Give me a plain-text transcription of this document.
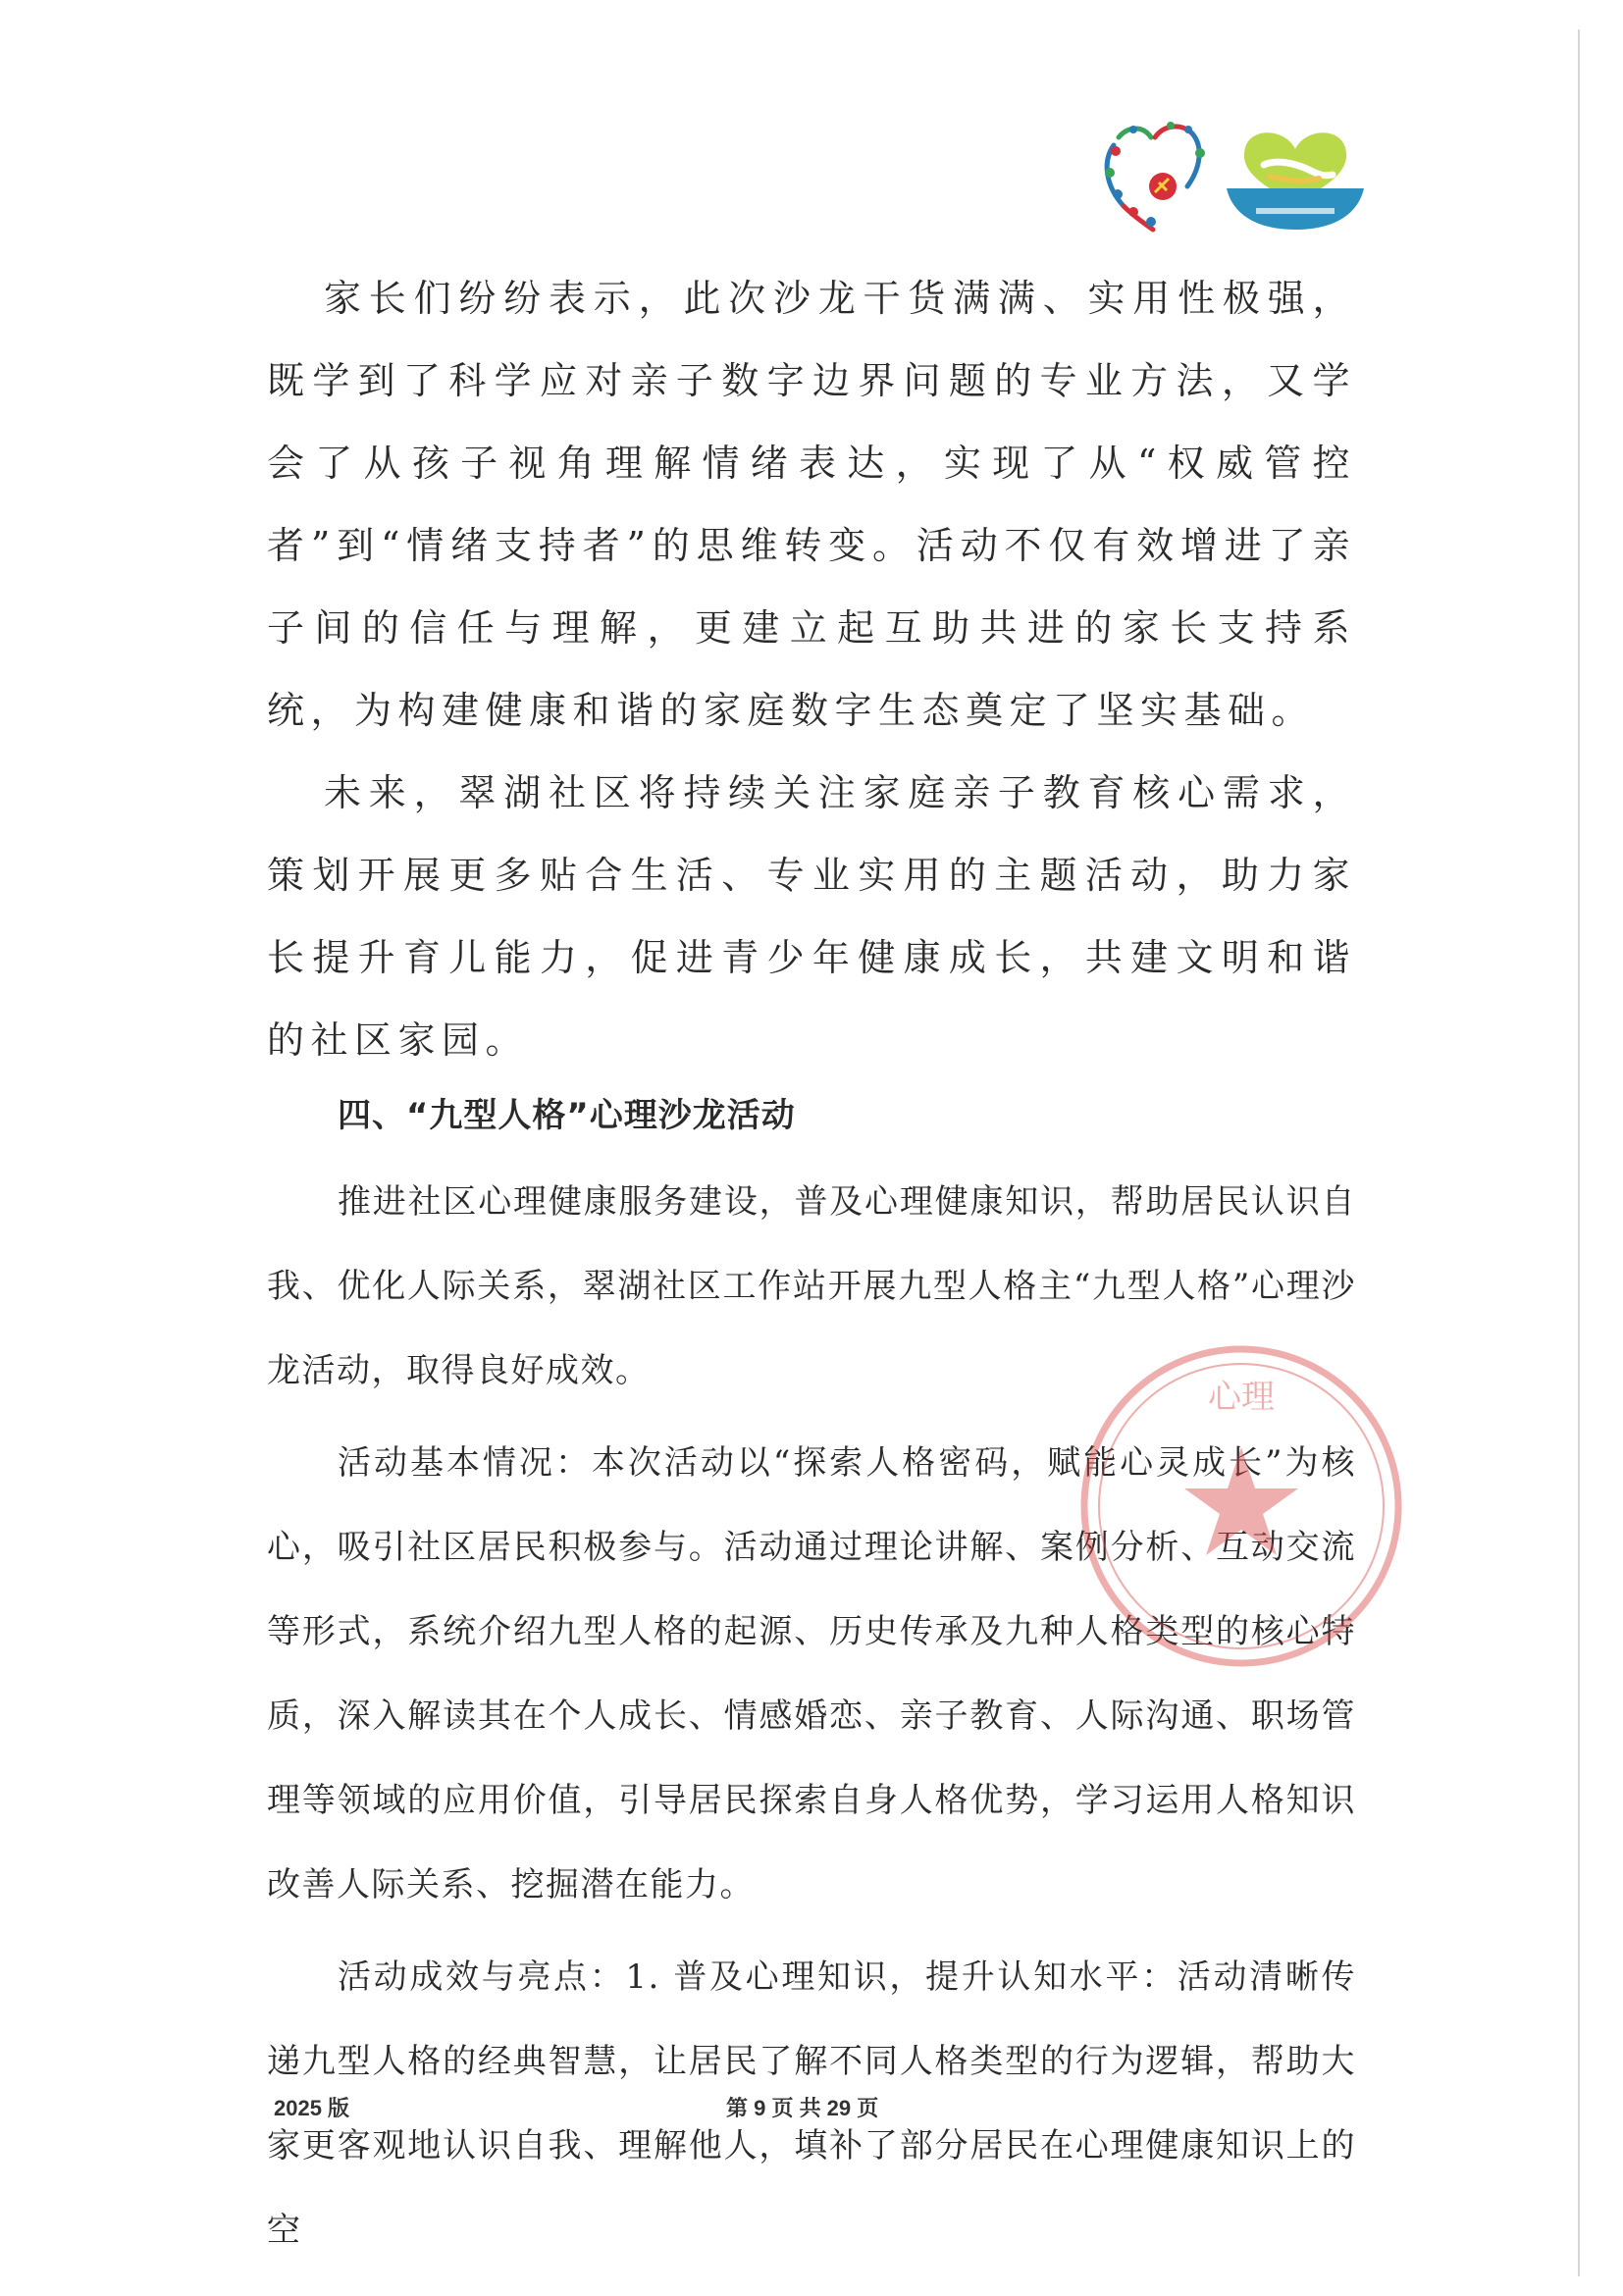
家长们纷纷表示，此次沙龙干货满满、实用性极强，既学到了科学应对亲子数字边界问题的专业方法，又学会了从孩子视角理解情绪表达，实现了从“权威管控者”到“情绪支持者”的思维转变。活动不仅有效增进了亲子间的信任与理解，更建立起互助共进的家长支持系统，为构建健康和谐的家庭数字生态奠定了坚实基础。

未来，翠湖社区将持续关注家庭亲子教育核心需求，策划开展更多贴合生活、专业实用的主题活动，助力家长提升育儿能力，促进青少年健康成长，共建文明和谐的社区家园。

四、“九型人格”心理沙龙活动

推进社区心理健康服务建设，普及心理健康知识，帮助居民认识自我、优化人际关系，翠湖社区工作站开展九型人格主“九型人格”心理沙龙活动，取得良好成效。

活动基本情况：本次活动以“探索人格密码，赋能心灵成长”为核心，吸引社区居民积极参与。活动通过理论讲解、案例分析、互动交流等形式，系统介绍九型人格的起源、历史传承及九种人格类型的核心特质，深入解读其在个人成长、情感婚恋、亲子教育、人际沟通、职场管理等领域的应用价值，引导居民探索自身人格优势，学习运用人格知识改善人际关系、挖掘潜在能力。

活动成效与亮点：1. 普及心理知识，提升认知水平：活动清晰传递九型人格的经典智慧，让居民了解不同人格类型的行为逻辑，帮助大家更客观地认识自我、理解他人，填补了部分居民在心理健康知识上的空

心理
2025 版	第 9 页 共 29 页
